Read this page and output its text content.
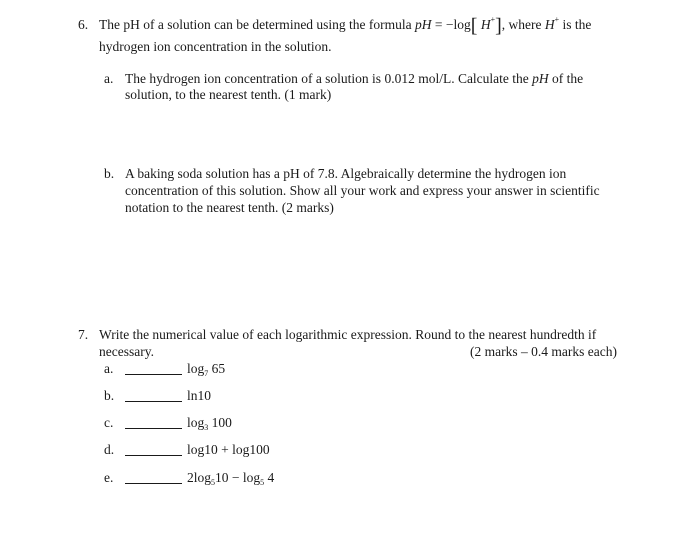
6. The pH of a solution can be determined using the formula pH = −log[ H+], where H+ is the
hydrogen ion concentration in the solution.
a. The hydrogen ion concentration of a solution is 0.012 mol/L. Calculate the pH of the
solution, to the nearest tenth. (1 mark)
b. A baking soda solution has a pH of 7.8. Algebraically determine the hydrogen ion
concentration of this solution. Show all your work and express your answer in scientific
notation to the nearest tenth. (2 marks)
7. Write the numerical value of each logarithmic expression. Round to the nearest hundredth if
necessary.	(2 marks – 0.4 marks each)
a.	$\log_7 65$
b.	ln10
c.	$\log_3 100$
d.	log10 + log100
e.	$2\log_510 - \log_5 4$
